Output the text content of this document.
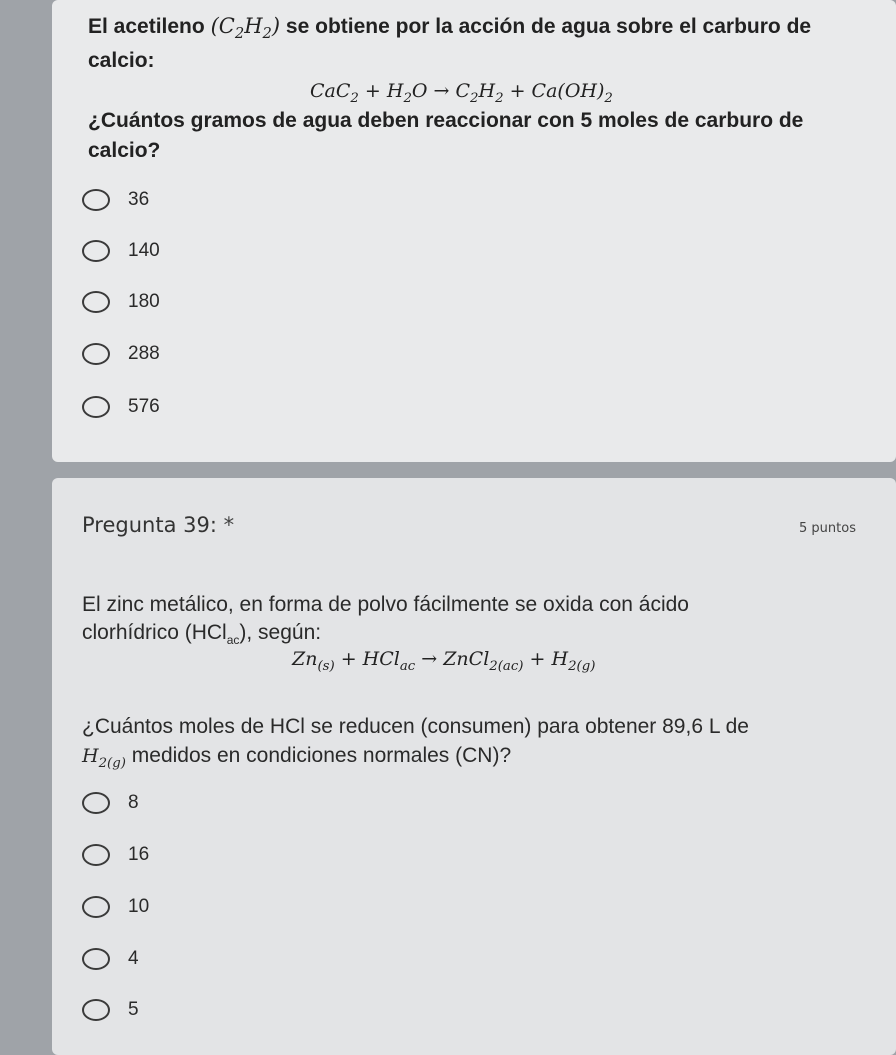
El acetileno $(C_2H_2)$ se obtiene por la acción de agua sobre el carburo de
calcio:
$CaC_2 + H_2O \to C_2H_2 + Ca(OH)_2$
¿Cuántos gramos de agua deben reaccionar con 5 moles de carburo de
calcio?
36
140
180
288
576
Pregunta 39: *	5 puntos
El zinc metálico, en forma de polvo fácilmente se oxida con ácido
clorhídrico (HCl$_{ac}$), según:
$Zn_{(s)} + HCl_{ac}$ → ZnCl$_{2(ac)}$ + $H_{2(g)}$
¿Cuántos moles de HCl se reducen (consumen) para obtener 89,6 L de
$H_{2(g)}$ medidos en condiciones normales (CN)?
8
16
10
4
5
